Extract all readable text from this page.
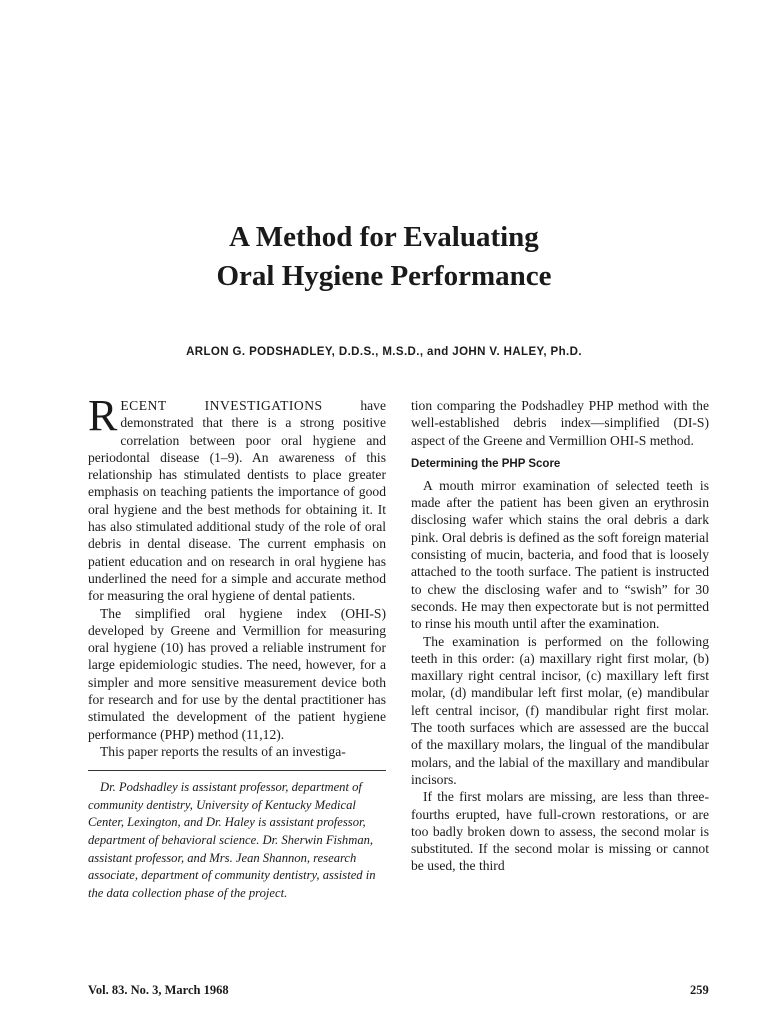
A Method for Evaluating
Oral Hygiene Performance

ARLON G. PODSHADLEY, D.D.S., M.S.D., and JOHN V. HALEY, Ph.D.

RECENT INVESTIGATIONS have demonstrated that there is a strong positive correlation between poor oral hygiene and periodontal disease (1–9). An awareness of this relationship has stimulated dentists to place greater emphasis on teaching patients the importance of good oral hygiene and the best methods for obtaining it. It has also stimulated additional study of the role of oral debris in dental disease. The current emphasis on patient education and on research in oral hygiene has underlined the need for a simple and accurate method for measuring the oral hygiene of dental patients.

The simplified oral hygiene index (OHI-S) developed by Greene and Vermillion for measuring oral hygiene (10) has proved a reliable instrument for large epidemiologic studies. The need, however, for a simpler and more sensitive measurement device both for research and for use by the dental practitioner has stimulated the development of the patient hygiene performance (PHP) method (11,12).

This paper reports the results of an investiga-

Dr. Podshadley is assistant professor, department of community dentistry, University of Kentucky Medical Center, Lexington, and Dr. Haley is assistant professor, department of behavioral science. Dr. Sherwin Fishman, assistant professor, and Mrs. Jean Shannon, research associate, department of community dentistry, assisted in the data collection phase of the project.

tion comparing the Podshadley PHP method with the well-established debris index—simplified (DI-S) aspect of the Greene and Vermillion OHI-S method.

Determining the PHP Score

A mouth mirror examination of selected teeth is made after the patient has been given an erythrosin disclosing wafer which stains the oral debris a dark pink. Oral debris is defined as the soft foreign material consisting of mucin, bacteria, and food that is loosely attached to the tooth surface. The patient is instructed to chew the disclosing wafer and to “swish” for 30 seconds. He may then expectorate but is not permitted to rinse his mouth until after the examination.

The examination is performed on the following teeth in this order: (a) maxillary right first molar, (b) maxillary right central incisor, (c) maxillary left first molar, (d) mandibular left first molar, (e) mandibular left central incisor, (f) mandibular right first molar. The tooth surfaces which are assessed are the buccal of the maxillary molars, the lingual of the mandibular molars, and the labial of the maxillary and mandibular incisors.

If the first molars are missing, are less than three-fourths erupted, have full-crown restorations, or are too badly broken down to assess, the second molar is substituted. If the second molar is missing or cannot be used, the third

Vol. 83. No. 3, March 1968	259
